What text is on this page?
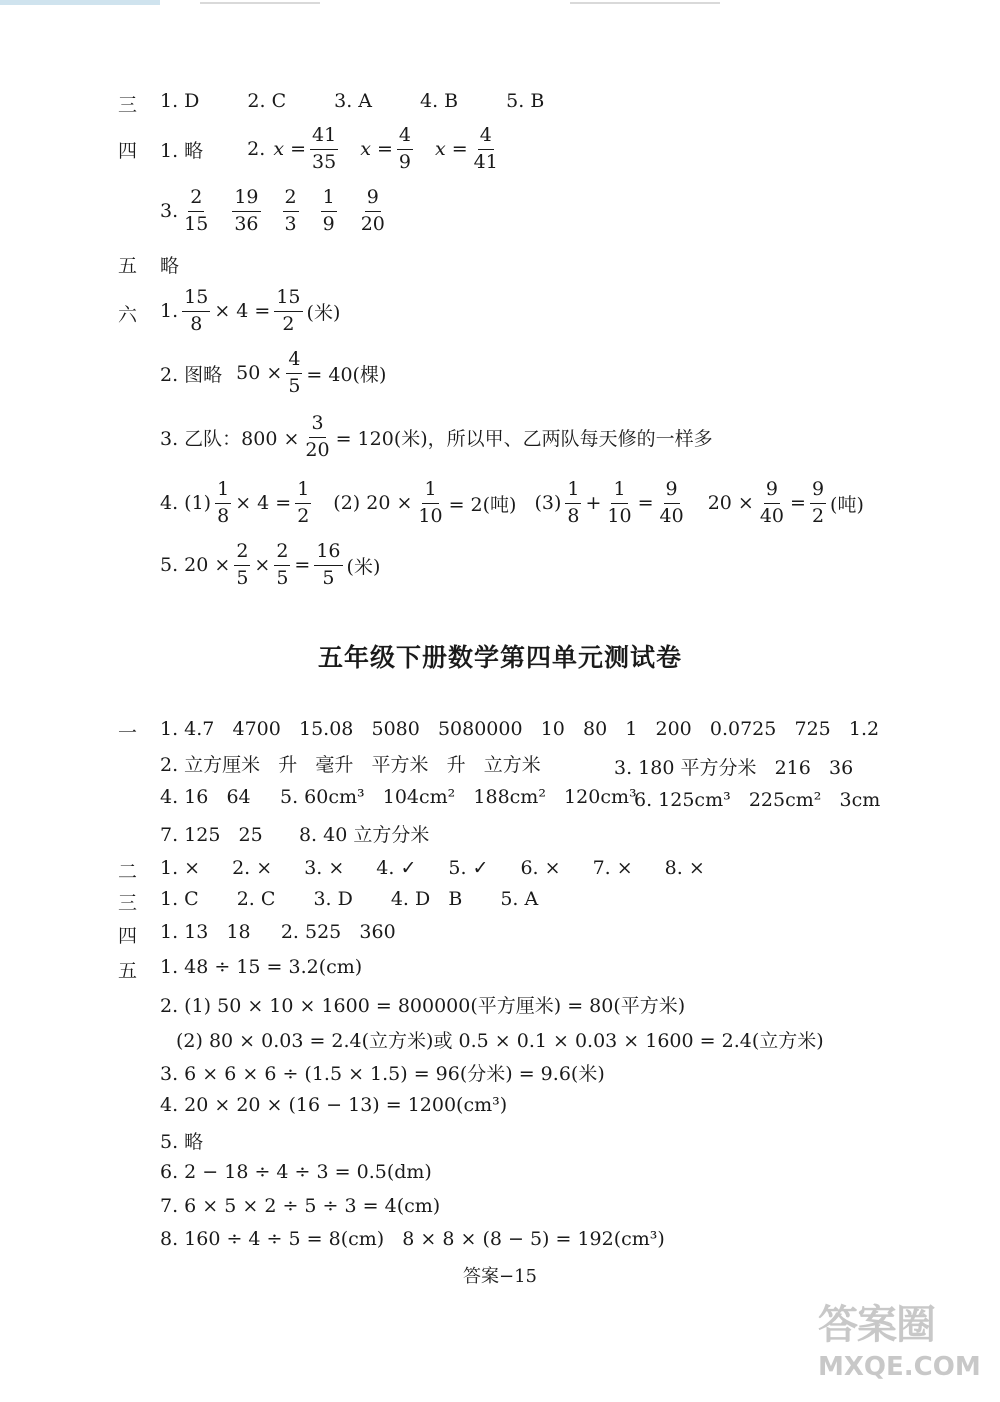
三 1. D	2. C	3. A	4. B	5. B
四 1. 略 2. $x = \frac{41}{35}$ $x = \frac{4}{9}$ $x = \frac{4}{41}$
3. $\frac{2}{15} \frac{19}{36} \frac{2}{3} \frac{1}{9} \frac{9}{20}$
五 略
六 1. $\frac{15}{8} \times 4 = \frac{15}{2}$ (米)
2. 图略 $50 \times \frac{4}{5} = 40$(棵)
3. 乙队：$800 \times \frac{3}{20} = 120$(米)，所以甲、乙两队每天修的一样多
4. $(1) \frac{1}{8} \times 4 = \frac{1}{2} (2) 20 \times \frac{1}{10} = 2$(吨) $(3) \frac{1}{8} + \frac{1}{10} = \frac{9}{40} 20 \times \frac{9}{40} = \frac{9}{2}$ (吨)
5. $20 \times \frac{2}{5} \times \frac{2}{5} = \frac{16}{5}$ (米)
五年级下册数学第四单元测试卷
一 1. 4.7   4700   15.08   5080   5080000   10   80   1   200   0.0725   725   1.2
2. 立方厘米   升   毫升   平方米   升   立方米	3. 180 平方分米   216   36
4. 16   64 5. 60cm³   104cm²   188cm²   120cm³
6. 125cm³   225cm²   3cm
7. 125   25      8. 40 立方分米
二 1. × 2. × 3. × 4. ✓ 5. ✓ 6. × 7. × 8. ×
三 1. C 2. C 3. D 4. D   B 5. A
四 1. 13   18     2. 525   360
五 1. 48 ÷ 15 = 3.2(cm)
2. (1) 50 × 10 × 1600 = 800000(平方厘米) = 80(平方米)
(2) 80 × 0.03 = 2.4(立方米)或 0.5 × 0.1 × 0.03 × 1600 = 2.4(立方米)
3. 6 × 6 × 6 ÷ (1.5 × 1.5) = 96(分米) = 9.6(米)
4. 20 × 20 × (16 − 13) = 1200(cm³)
5. 略
6. 2 − 18 ÷ 4 ÷ 3 = 0.5(dm)
7. 6 × 5 × 2 ÷ 5 ÷ 3 = 4(cm)
8. 160 ÷ 4 ÷ 5 = 8(cm)   8 × 8 × (8 − 5) = 192(cm³)
答案−15
答案圈
MXQE.COM
